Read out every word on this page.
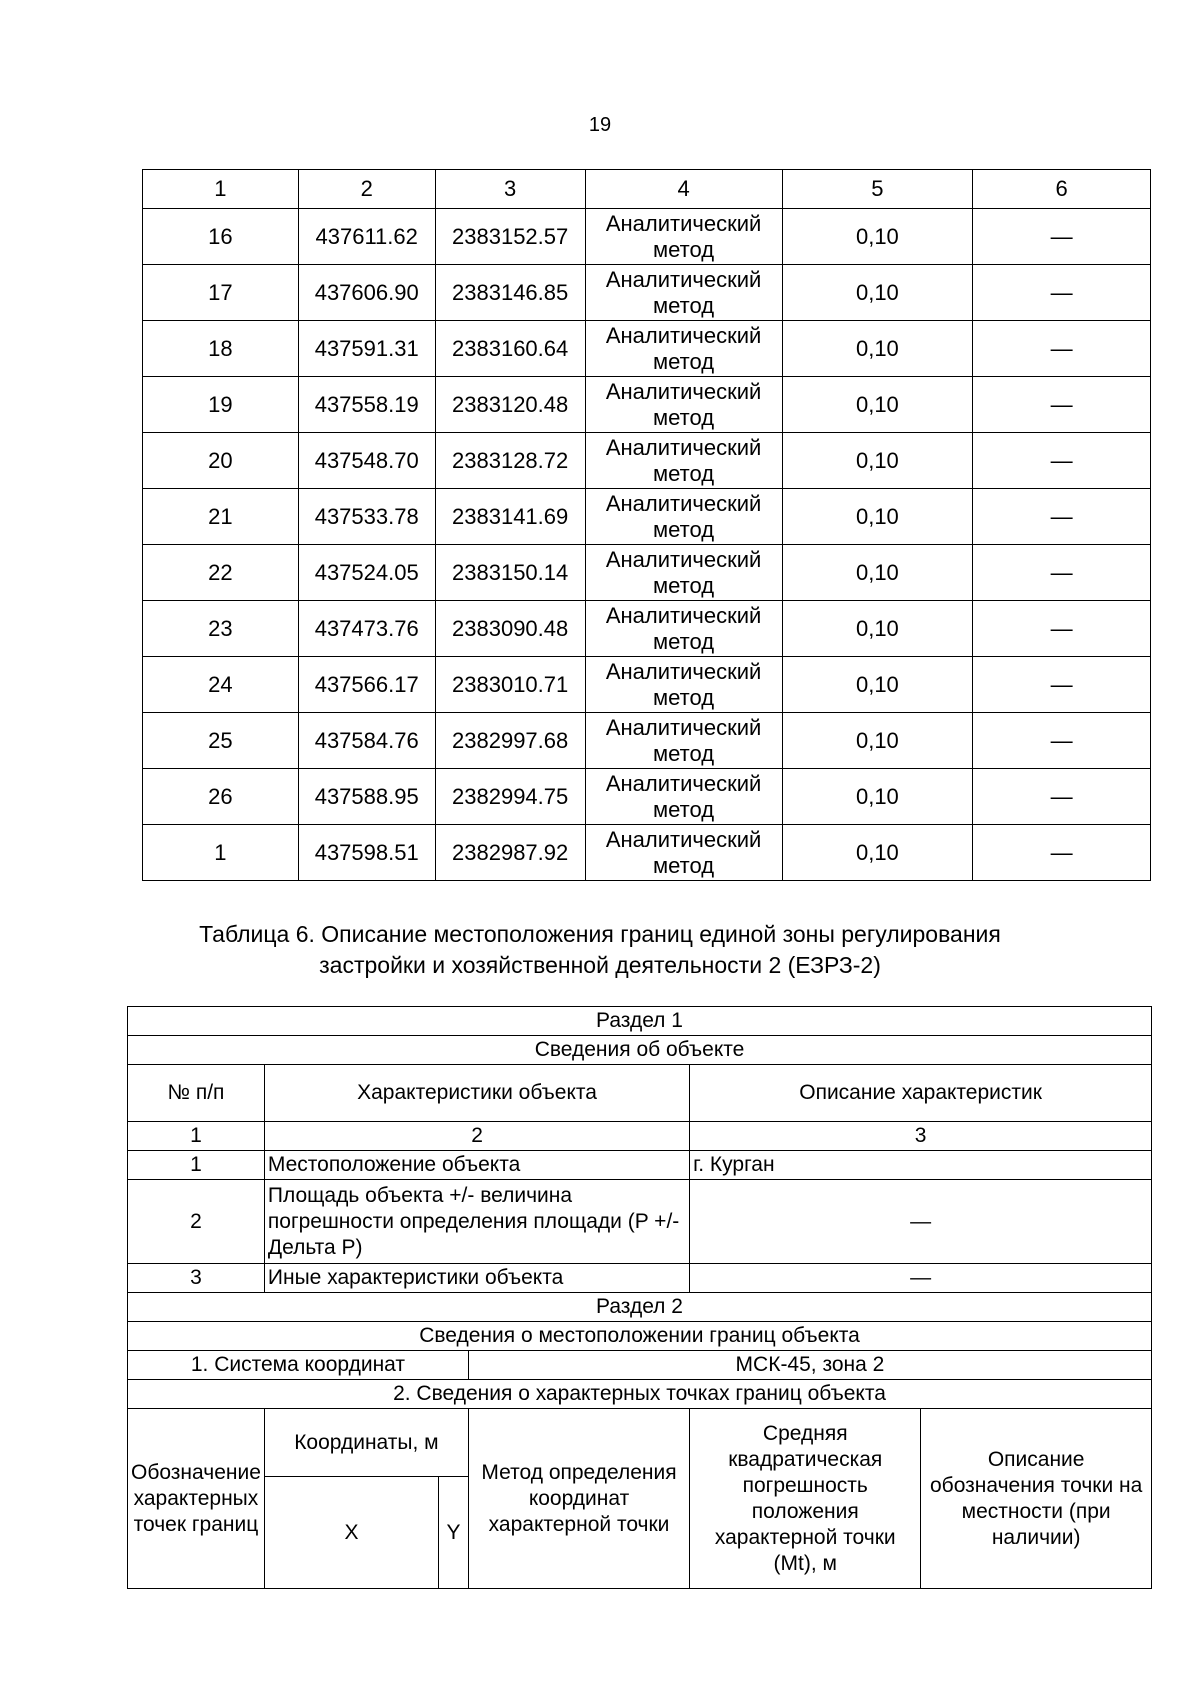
19
1	2	3	4	5	6
16	437611.62	2383152.57	Аналитический метод	0,10	—
17	437606.90	2383146.85	Аналитический метод	0,10	—
18	437591.31	2383160.64	Аналитический метод	0,10	—
19	437558.19	2383120.48	Аналитический метод	0,10	—
20	437548.70	2383128.72	Аналитический метод	0,10	—
21	437533.78	2383141.69	Аналитический метод	0,10	—
22	437524.05	2383150.14	Аналитический метод	0,10	—
23	437473.76	2383090.48	Аналитический метод	0,10	—
24	437566.17	2383010.71	Аналитический метод	0,10	—
25	437584.76	2382997.68	Аналитический метод	0,10	—
26	437588.95	2382994.75	Аналитический метод	0,10	—
1	437598.51	2382987.92	Аналитический метод	0,10	—
Таблица 6. Описание местоположения границ единой зоны регулирования застройки и хозяйственной деятельности 2 (ЕЗРЗ-2)
Раздел 1					
Сведения об объекте					
№ п/п	Характеристики объекта			Описание характеристик	
1	2			3	
1	Местоположение объекта			г. Курган	
2	Площадь объекта +/- величина погрешности определения площади (P +/- Дельта P)			—	
3	Иные характеристики объекта			—	
Раздел 2					
Сведения о местоположении границ объекта					
1. Система координат			МСК-45, зона 2		
2. Сведения о характерных точках границ объекта					
Обозначение характерных точек границ	Координаты, м		Метод определения координат характерной точки	Средняя квадратическая погрешность положения характерной точки (Mt), м	Описание обозначения точки на местности (при наличии)
	X	Y			
